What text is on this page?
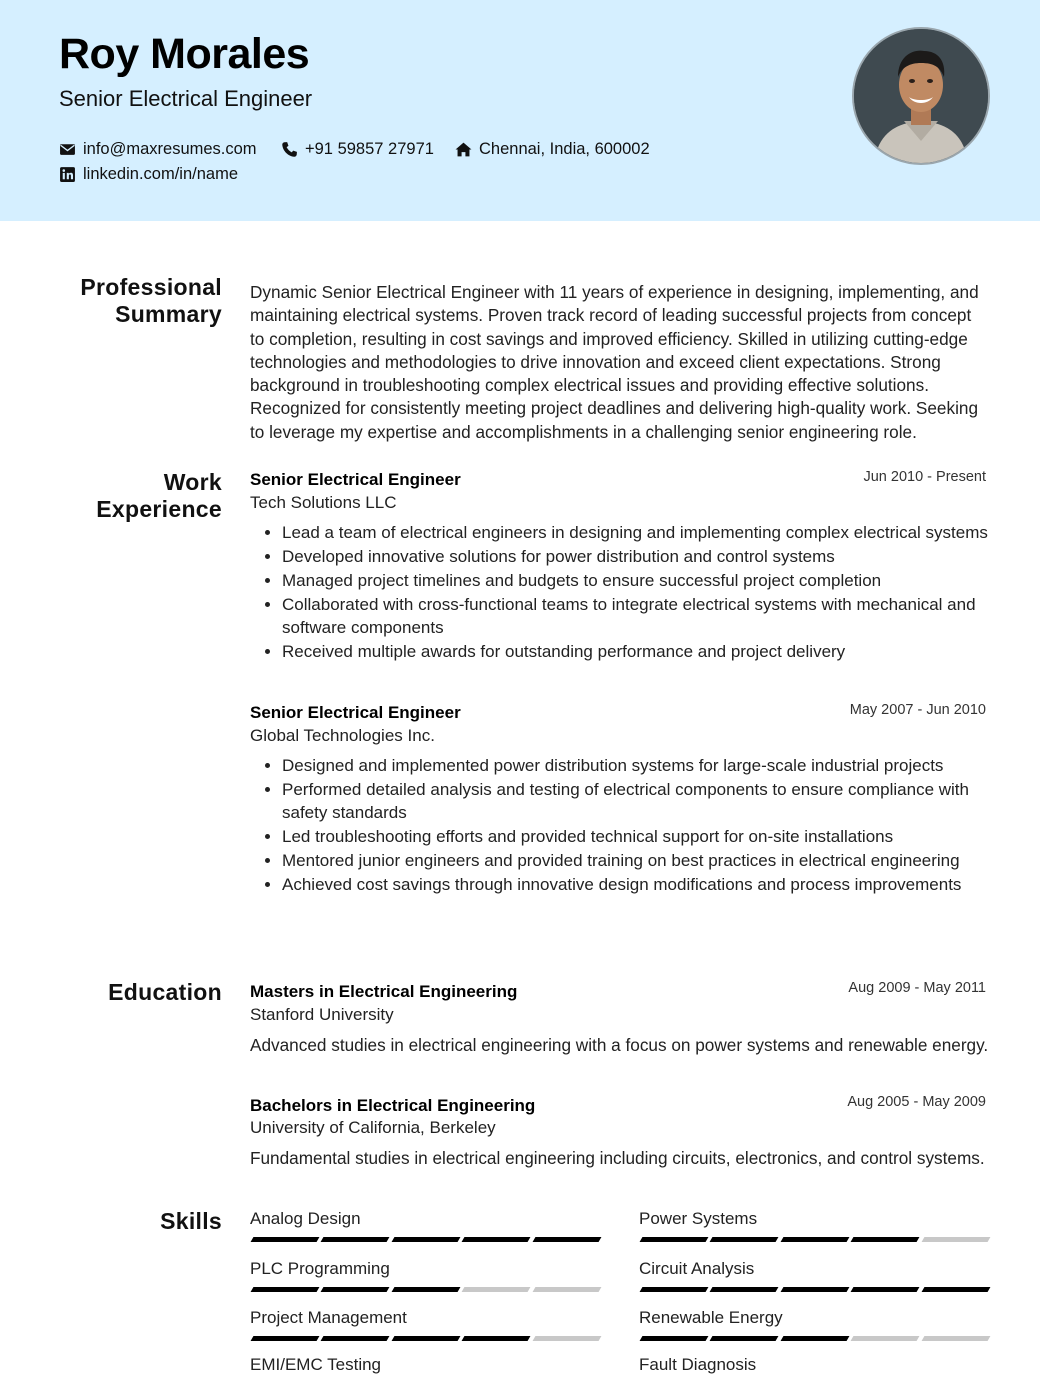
Roy Morales
Senior Electrical Engineer
info@maxresumes.com	+91 59857 27971	Chennai, India, 600002
linkedin.com/in/name
Professional
Summary

Dynamic Senior Electrical Engineer with 11 years of experience in designing, implementing, and maintaining electrical systems. Proven track record of leading successful projects from concept to completion, resulting in cost savings and improved efficiency. Skilled in utilizing cutting-edge technologies and methodologies to drive innovation and exceed client expectations. Strong background in troubleshooting complex electrical issues and providing effective solutions. Recognized for consistently meeting project deadlines and delivering high-quality work. Seeking to leverage my expertise and accomplishments in a challenging senior engineering role.

Work
Experience
Senior Electrical Engineer	Jun 2010 - Present
Tech Solutions LLC
• Lead a team of electrical engineers in designing and implementing complex electrical systems
• Developed innovative solutions for power distribution and control systems
• Managed project timelines and budgets to ensure successful project completion
• Collaborated with cross-functional teams to integrate electrical systems with mechanical and software components
• Received multiple awards for outstanding performance and project delivery
Senior Electrical Engineer	May 2007 - Jun 2010
Global Technologies Inc.
• Designed and implemented power distribution systems for large-scale industrial projects
• Performed detailed analysis and testing of electrical components to ensure compliance with safety standards
• Led troubleshooting efforts and provided technical support for on-site installations
• Mentored junior engineers and provided training on best practices in electrical engineering
• Achieved cost savings through innovative design modifications and process improvements
Education Masters in Electrical Engineering	Aug 2009 - May 2011
Stanford University

Advanced studies in electrical engineering with a focus on power systems and renewable energy.

Bachelors in Electrical Engineering	Aug 2005 - May 2009
University of California, Berkeley

Fundamental studies in electrical engineering including circuits, electronics, and control systems.

Skills Analog Design	Power Systems
PLC Programming	Circuit Analysis
Project Management	Renewable Energy
EMI/EMC Testing	Fault Diagnosis
